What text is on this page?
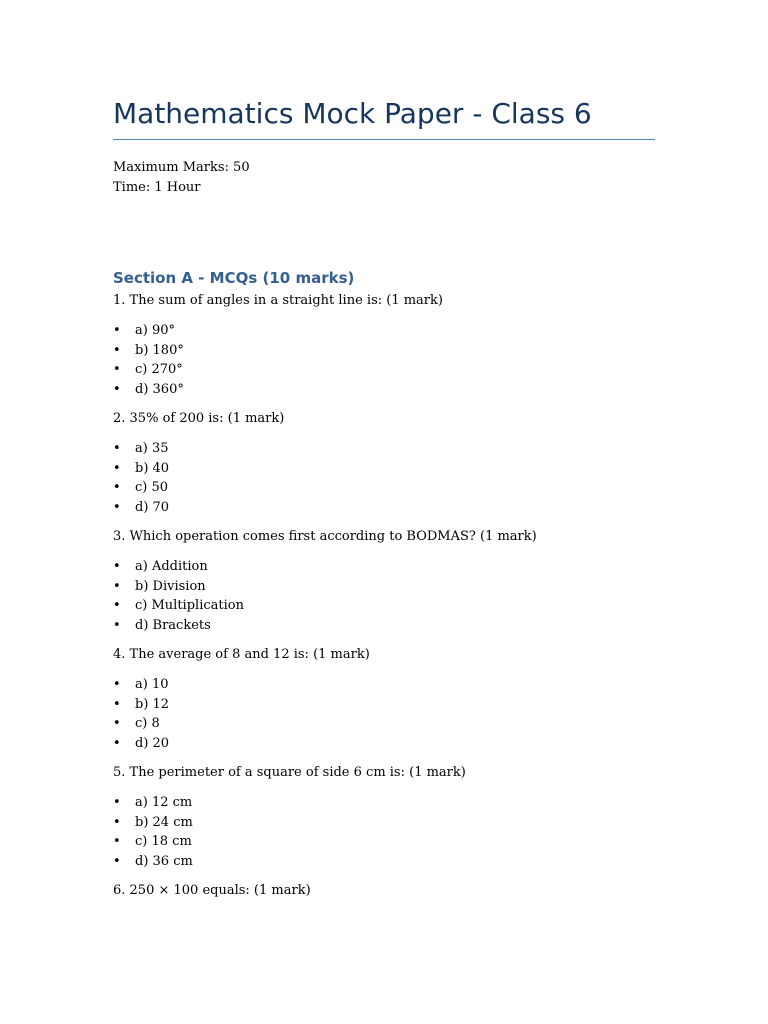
Mathematics Mock Paper - Class 6
Maximum Marks: 50
Time: 1 Hour
Section A - MCQs (10 marks)

1. The sum of angles in a straight line is: (1 mark)

• a) 90°
• b) 180°
• c) 270°
• d) 360°

2. 35% of 200 is: (1 mark)

• a) 35
• b) 40
• c) 50
• d) 70

3. Which operation comes first according to BODMAS? (1 mark)

• a) Addition
• b) Division
• c) Multiplication
• d) Brackets

4. The average of 8 and 12 is: (1 mark)

• a) 10
• b) 12
• c) 8
• d) 20

5. The perimeter of a square of side 6 cm is: (1 mark)

• a) 12 cm
• b) 24 cm
• c) 18 cm
• d) 36 cm

6. 250 × 100 equals: (1 mark)
